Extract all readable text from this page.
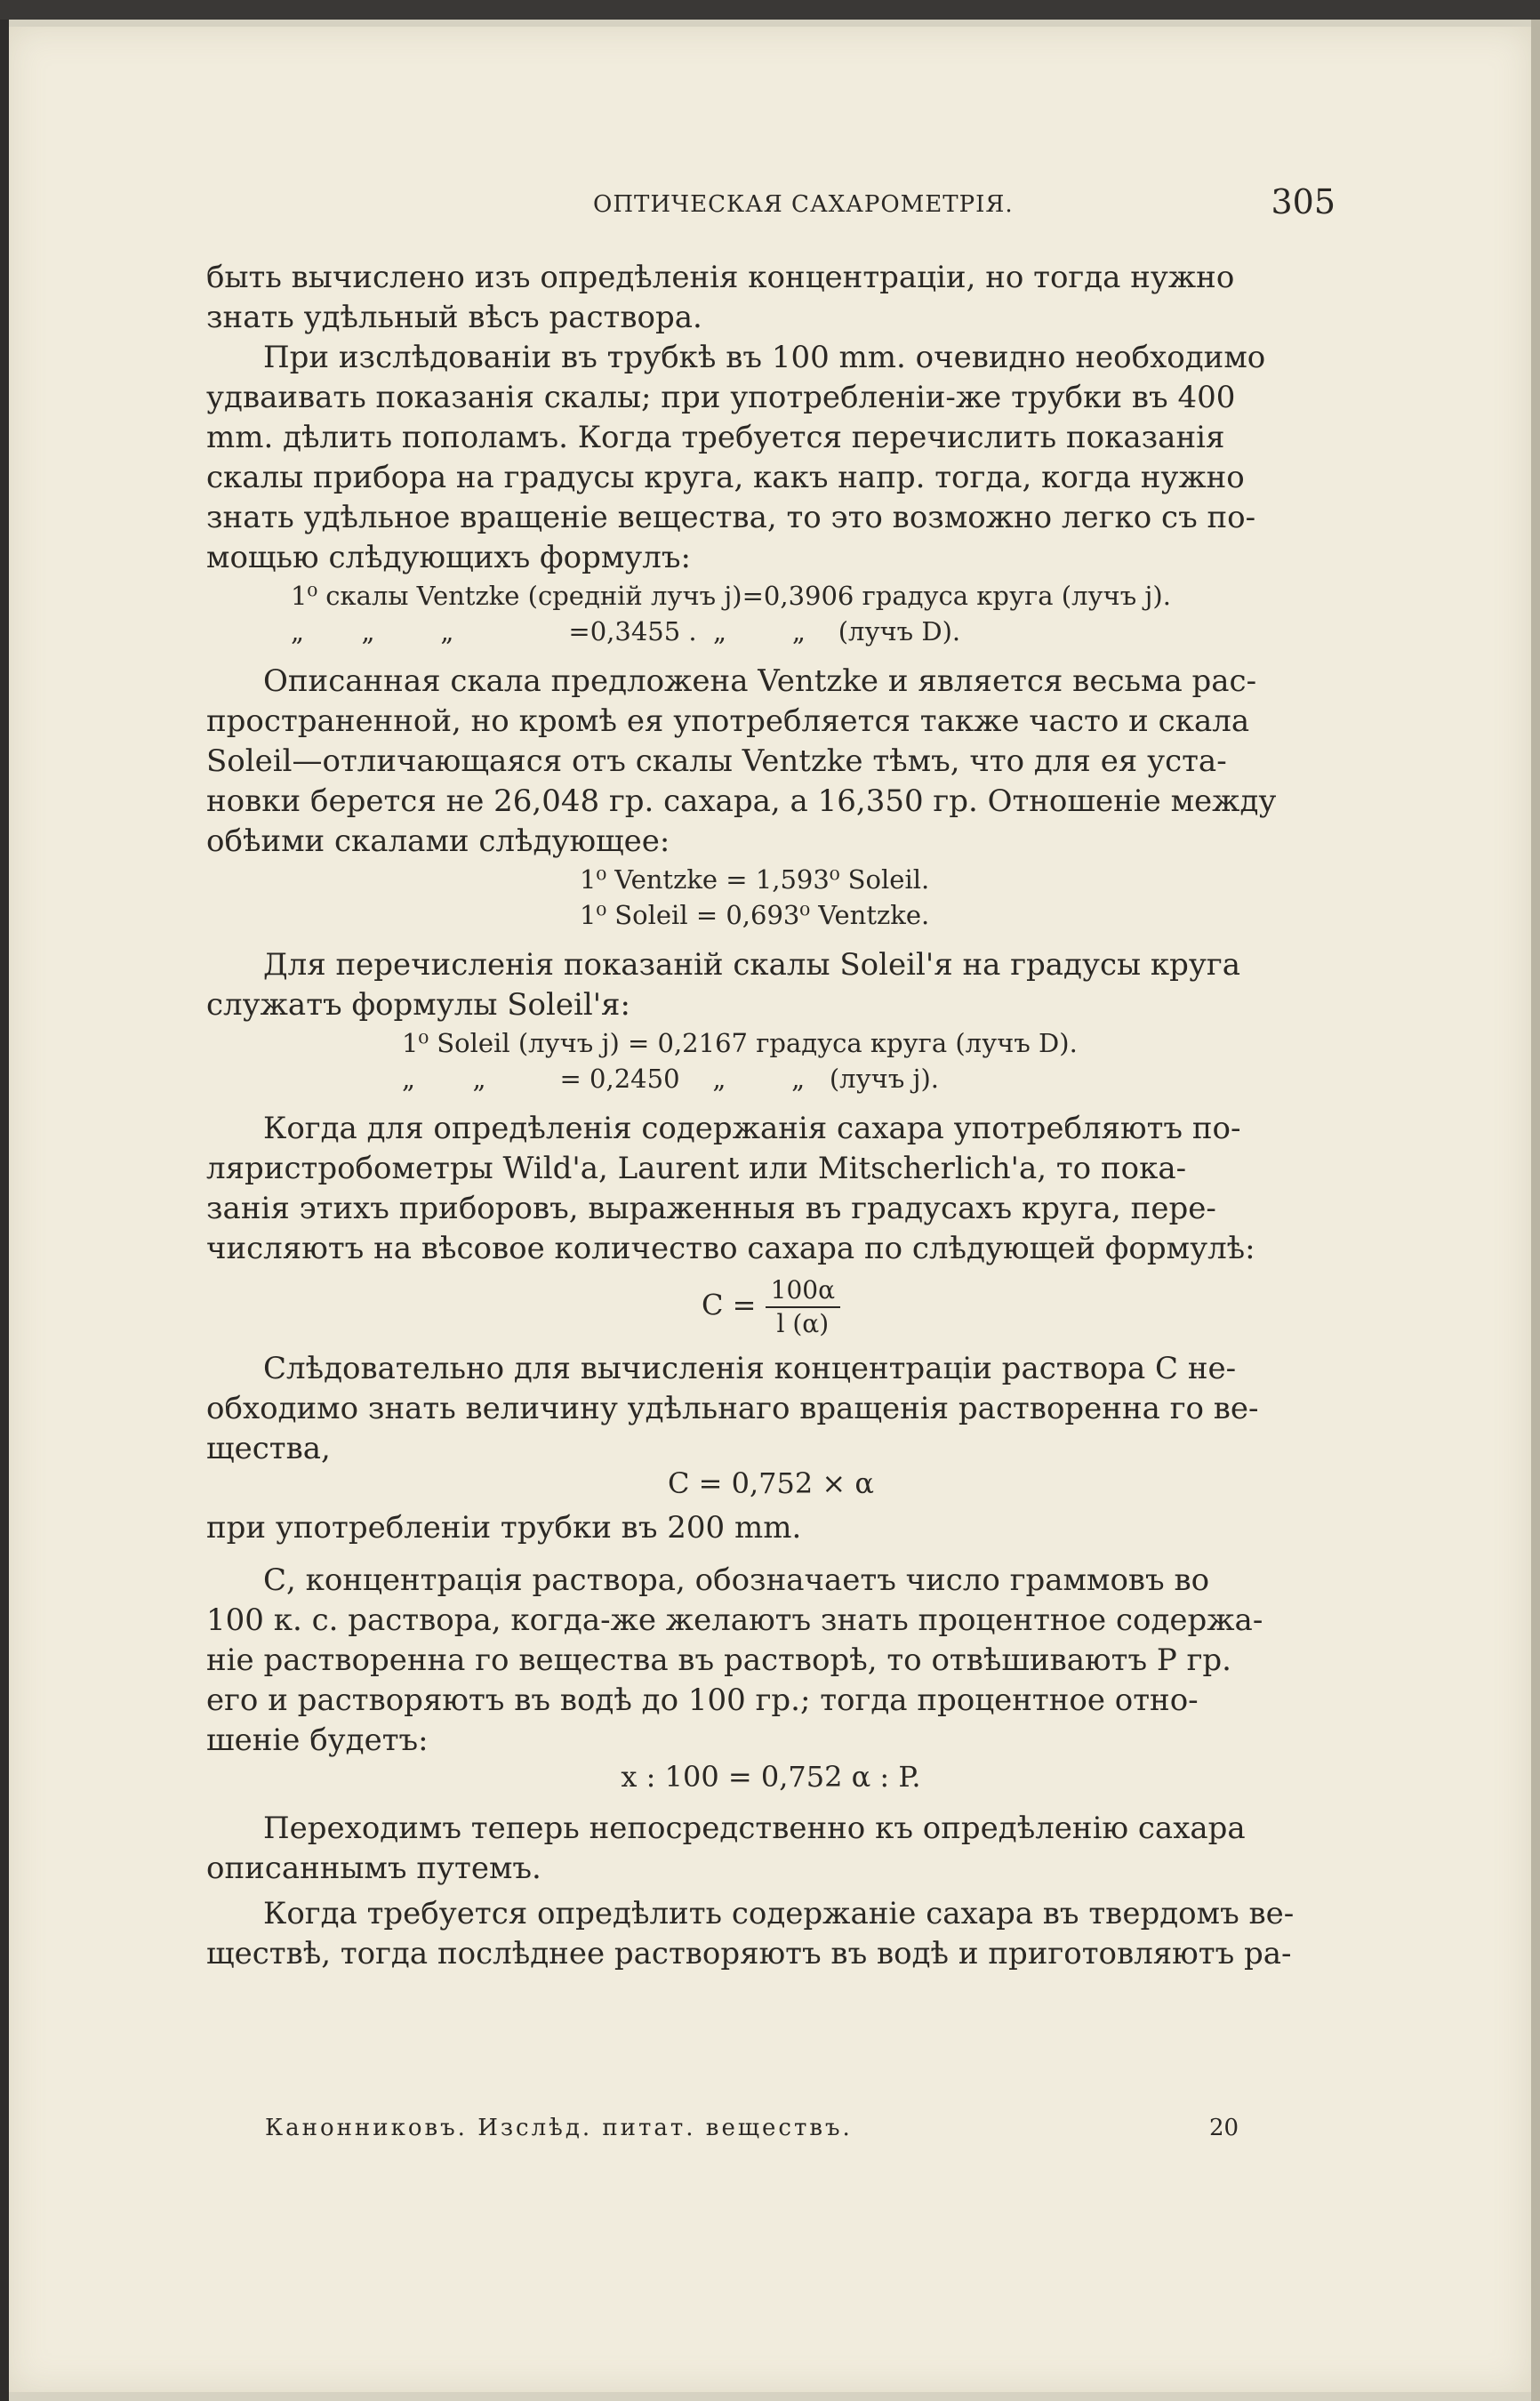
ОПТИЧЕСКАЯ САХАРОМЕТРІЯ.	305

быть вычислено изъ опредѣленія концентраціи, но тогда нужно

знать удѣльный вѣсъ раствора.

При изслѣдованіи въ трубкѣ въ 100 mm. очевидно необходимо

удваивать показанія скалы; при употребленіи-же трубки въ 400

mm. дѣлить пополамъ. Когда требуется перечислить показанія

скалы прибора на градусы круга, какъ напр. тогда, когда нужно

знать удѣльное вращеніе вещества, то это возможно легко съ по-

мощью слѣдующихъ формулъ:

1⁰ скалы Ventzke (средній лучъ j)=0,3906 градуса круга (лучъ j).

„       „        „              =0,3455 .  „        „    (лучъ D).

Описанная скала предложена Ventzke и является весьма рас-

пространенной, но кромѣ ея употребляется также часто и скала

Soleil—отличающаяся отъ скалы Ventzke тѣмъ, что для ея уста-

новки берется не 26,048 гр. сахара, а 16,350 гр. Отношеніе между

обѣими скалами слѣдующее:

1⁰ Ventzke = 1,593⁰ Soleil.

1⁰ Soleil = 0,693⁰ Ventzke.

Для перечисленія показаній скалы Soleil'я на градусы круга

служатъ формулы Soleil'я:

1⁰ Soleil (лучъ j) = 0,2167 градуса круга (лучъ D).

„       „         = 0,2450    „        „   (лучъ j).

Когда для опредѣленія содержанія сахара употребляютъ по-

ляристробометры Wild'a, Laurent или Mitscherlich'a, то пока-

занія этихъ приборовъ, выраженныя въ градусахъ круга, пере-

числяютъ на вѣсовое количество сахара по слѣдующей формулѣ:

$C = \frac{100\alpha}{l (\alpha)}$

Слѣдовательно для вычисленія концентраціи раствора С не-

обходимо знать величину удѣльнаго вращенія растворенна го ве-

щества,

C = 0,752 × α

при употребленіи трубки въ 200 mm.

С, концентрація раствора, обозначаетъ число граммовъ во

100 к. с. раствора, когда-же желаютъ знать процентное содержа-

ніе растворенна го вещества въ растворѣ, то отвѣшиваютъ Р гр.

его и растворяютъ въ водѣ до 100 гр.; тогда процентное отно-

шеніе будетъ:

x : 100 = 0,752 α : P.

Переходимъ теперь непосредственно къ опредѣленію сахара

описаннымъ путемъ.

Когда требуется опредѣлить содержаніе сахара въ твердомъ ве-

ществѣ, тогда послѣднее растворяютъ въ водѣ и приготовляютъ ра-

Канонниковъ. Изслѣд. питат. веществъ.	20
